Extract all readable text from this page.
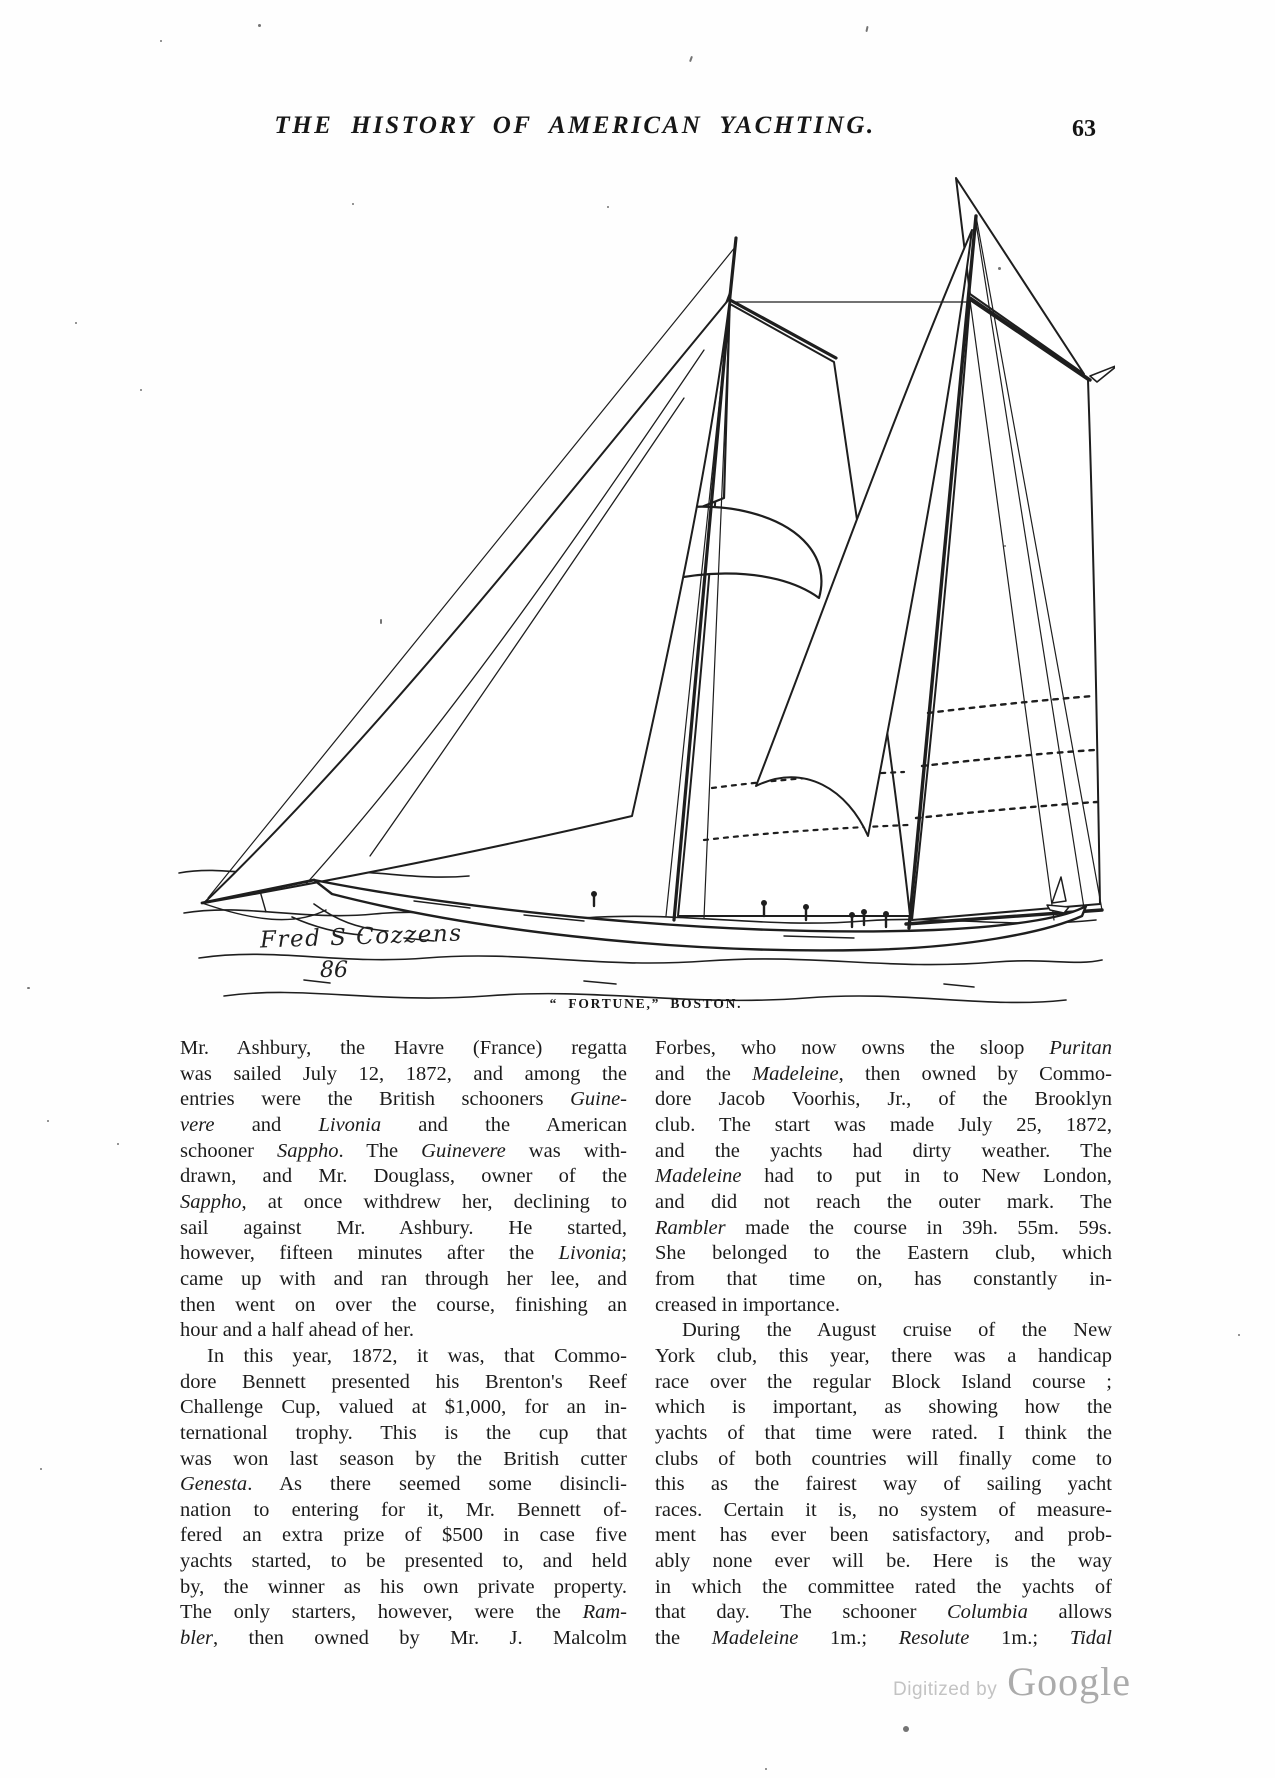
THE HISTORY OF AMERICAN YACHTING.	63
Fred S Cozzens
86
“ FORTUNE,” BOSTON.
Mr. Ashbury, the Havre (France) regatta
was sailed July 12, 1872, and among the
entries were the British schooners Guine-
vere and Livonia and the American
schooner Sappho. The Guinevere was with-
drawn, and Mr. Douglass, owner of the
Sappho, at once withdrew her, declining to
sail against Mr. Ashbury. He started,
however, fifteen minutes after the Livonia;
came up with and ran through her lee, and
then went on over the course, finishing an
hour and a half ahead of her.
In this year, 1872, it was, that Commo-
dore Bennett presented his Brenton's Reef
Challenge Cup, valued at $1,000, for an in-
ternational trophy. This is the cup that
was won last season by the British cutter
Genesta. As there seemed some disincli-
nation to entering for it, Mr. Bennett of-
fered an extra prize of $500 in case five
yachts started, to be presented to, and held
by, the winner as his own private property.
The only starters, however, were the Ram-
bler, then owned by Mr. J. Malcolm
Forbes, who now owns the sloop Puritan
and the Madeleine, then owned by Commo-
dore Jacob Voorhis, Jr., of the Brooklyn
club. The start was made July 25, 1872,
and the yachts had dirty weather. The
Madeleine had to put in to New London,
and did not reach the outer mark. The
Rambler made the course in 39h. 55m. 59s.
She belonged to the Eastern club, which
from that time on, has constantly in-
creased in importance.
During the August cruise of the New
York club, this year, there was a handicap
race over the regular Block Island course ;
which is important, as showing how the
yachts of that time were rated. I think the
clubs of both countries will finally come to
this as the fairest way of sailing yacht
races. Certain it is, no system of measure-
ment has ever been satisfactory, and prob-
ably none ever will be. Here is the way
in which the committee rated the yachts of
that day. The schooner Columbia allows
the Madeleine 1m.; Resolute 1m.; Tidal
Digitized by Google
